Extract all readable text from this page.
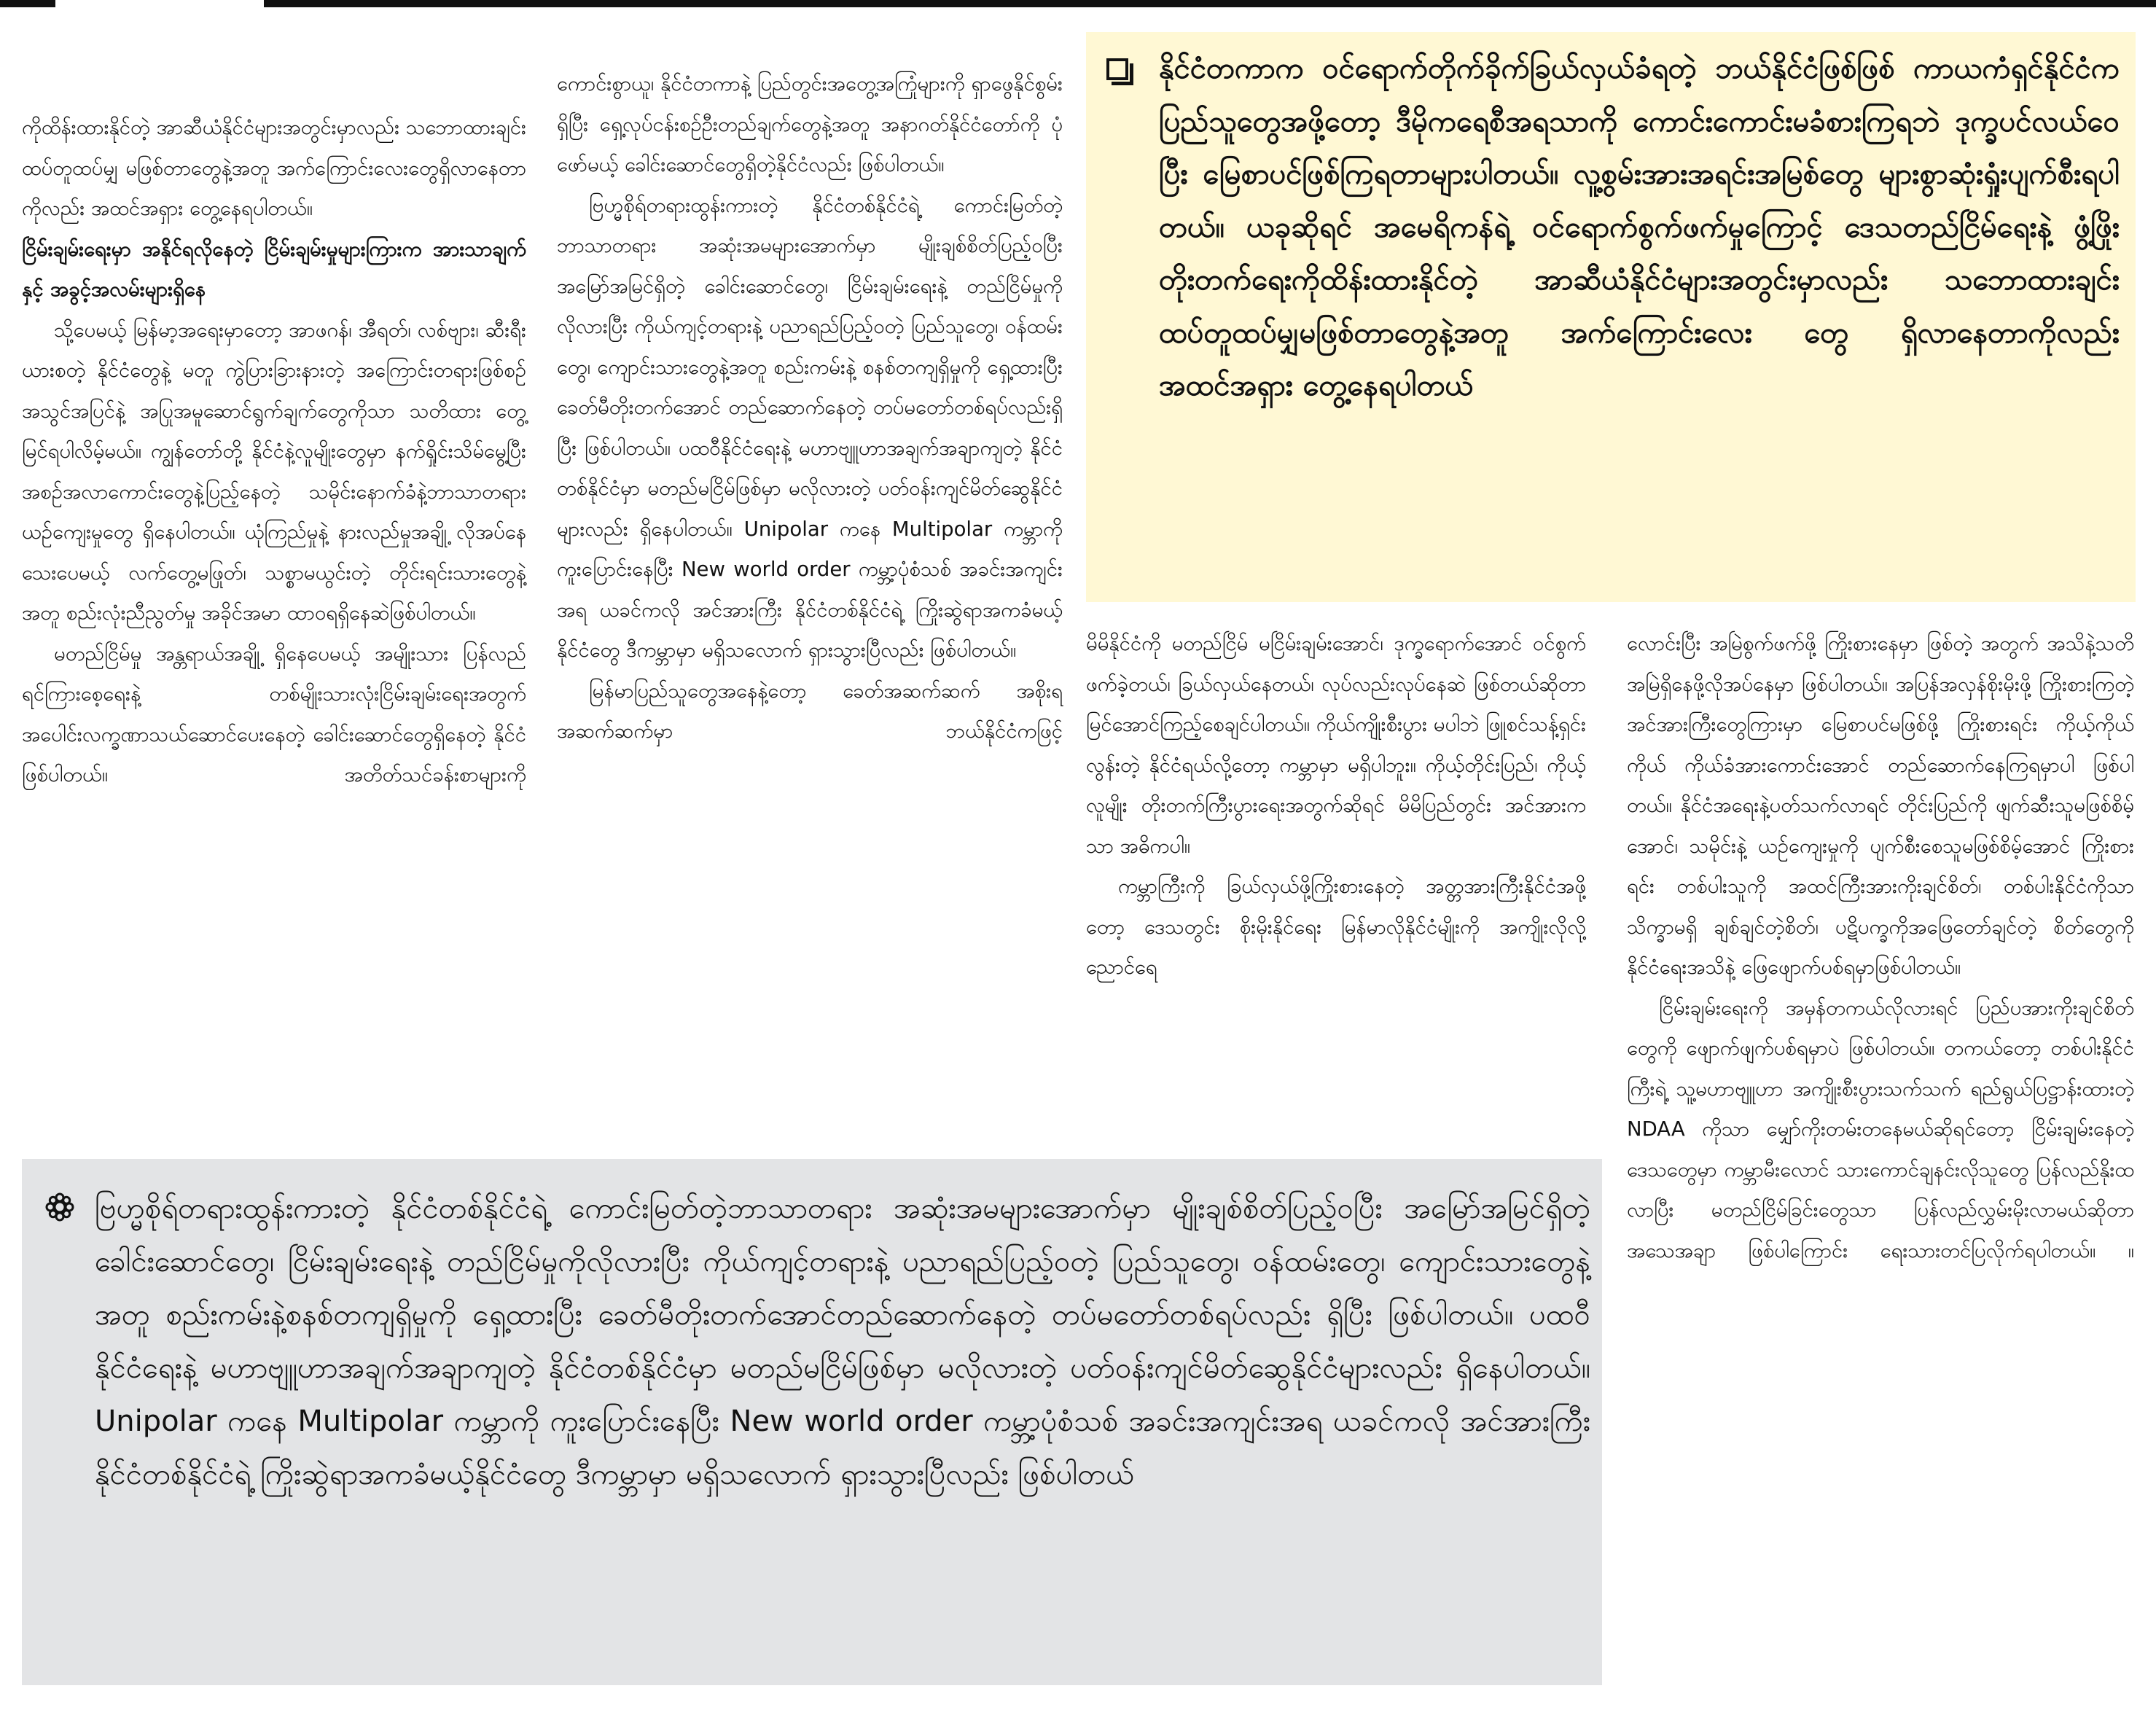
ကိုထိန်းထားနိုင်တဲ့ အာဆီယံနိုင်ငံများအတွင်းမှာလည်း သဘောထားချင်းထပ်တူထပ်မျှ မဖြစ်တာတွေနဲ့အတူ အက်ကြောင်းလေးတွေရှိလာနေတာကိုလည်း အထင်အရှား တွေ့နေရပါတယ်။

ငြိမ်းချမ်းရေးမှာ အနိုင်ရလိုနေတဲ့ ငြိမ်းချမ်းမှုများကြားက အားသာချက်နှင့် အခွင့်အလမ်းများရှိနေ

သို့ပေမယ့် မြန်မာ့အရေးမှာတော့ အာဖဂန်၊ အီရတ်၊ လစ်ဗျား၊ ဆီးရီးယားစတဲ့ နိုင်ငံတွေနဲ့ မတူ ကွဲပြားခြားနားတဲ့ အကြောင်းတရားဖြစ်စဉ် အသွင်အပြင်နဲ့ အပြုအမူဆောင်ရွက်ချက်တွေကိုသာ သတိထား တွေ့မြင်ရပါလိမ့်မယ်။ ကျွန်တော်တို့ နိုင်ငံနဲ့လူမျိုးတွေမှာ နက်ရှိုင်းသိမ်မွေ့ပြီး အစဉ်အလာကောင်းတွေနဲ့ပြည့်နေတဲ့ သမိုင်းနောက်ခံနဲ့ဘာသာတရားယဉ်ကျေးမှုတွေ ရှိနေပါတယ်။ ယုံကြည်မှုနဲ့ နားလည်မှုအချို့ လိုအပ်နေသေးပေမယ့် လက်တွေ့မဖြုတ်၊ သစ္စာမယွင်းတဲ့ တိုင်းရင်းသားတွေနဲ့အတူ စည်းလုံးညီညွတ်မှု အခိုင်အမာ ထာဝရရှိနေဆဲဖြစ်ပါတယ်။

မတည်ငြိမ်မှု အန္တရာယ်အချို့ ရှိနေပေမယ့် အမျိုးသား ပြန်လည်ရင်ကြားစေ့ရေးနဲ့ တစ်မျိုးသားလုံးငြိမ်းချမ်းရေးအတွက် အပေါင်းလက္ခဏာသယ်ဆောင်ပေးနေတဲ့ ခေါင်းဆောင်တွေရှိနေတဲ့ နိုင်ငံဖြစ်ပါတယ်။ အတိတ်သင်ခန်းစာများကို

ကောင်းစွာယူ၊ နိုင်ငံတကာနဲ့ ပြည်တွင်းအတွေ့အကြုံများကို ရှာဖွေနိုင်စွမ်းရှိပြီး ရှေ့လုပ်ငန်းစဉ်ဦးတည်ချက်တွေနဲ့အတူ အနာဂတ်နိုင်ငံတော်ကို ပုံဖော်မယ့် ခေါင်းဆောင်တွေရှိတဲ့နိုင်ငံလည်း ဖြစ်ပါတယ်။

ဗြဟ္မစိုရ်တရားထွန်းကားတဲ့ နိုင်ငံတစ်နိုင်ငံရဲ့ ကောင်းမြတ်တဲ့ဘာသာတရား အဆုံးအမများအောက်မှာ မျိုးချစ်စိတ်ပြည့်ဝပြီး အမြော်အမြင်ရှိတဲ့ ခေါင်းဆောင်တွေ၊ ငြိမ်းချမ်းရေးနဲ့ တည်ငြိမ်မှုကို လိုလားပြီး ကိုယ်ကျင့်တရားနဲ့ ပညာရည်ပြည့်ဝတဲ့ ပြည်သူတွေ၊ ဝန်ထမ်းတွေ၊ ကျောင်းသားတွေနဲ့အတူ စည်းကမ်းနဲ့ စနစ်တကျရှိမှုကို ရှေ့ထားပြီး ခေတ်မီတိုးတက်အောင် တည်ဆောက်နေတဲ့ တပ်မတော်တစ်ရပ်လည်းရှိပြီး ဖြစ်ပါတယ်။ ပထဝီနိုင်ငံရေးနဲ့ မဟာဗျူဟာအချက်အချာကျတဲ့ နိုင်ငံတစ်နိုင်ငံမှာ မတည်မငြိမ်ဖြစ်မှာ မလိုလားတဲ့ ပတ်ဝန်းကျင်မိတ်ဆွေနိုင်ငံများလည်း ရှိနေပါတယ်။ Unipolar ကနေ Multipolar ကမ္ဘာကို ကူးပြောင်းနေပြီး New world order ကမ္ဘာ့ပုံစံသစ် အခင်းအကျင်းအရ ယခင်ကလို အင်အားကြီး နိုင်ငံတစ်နိုင်ငံရဲ့ ကြိုးဆွဲရာအကခံမယ့် နိုင်ငံတွေ ဒီကမ္ဘာမှာ မရှိသလောက် ရှားသွားပြီလည်း ဖြစ်ပါတယ်။

မြန်မာပြည်သူတွေအနေနဲ့တော့ ခေတ်အဆက်ဆက် အစိုးရအဆက်ဆက်မှာ ဘယ်နိုင်ငံကဖြင့်

မိမိနိုင်ငံကို မတည်ငြိမ် မငြိမ်းချမ်းအောင်၊ ဒုက္ခရောက်အောင် ဝင်စွက်ဖက်ခဲ့တယ်၊ ခြယ်လှယ်နေတယ်၊ လုပ်လည်းလုပ်နေဆဲ ဖြစ်တယ်ဆိုတာ မြင်အောင်ကြည့်စေချင်ပါတယ်။ ကိုယ်ကျိုးစီးပွား မပါဘဲ ဖြူစင်သန့်ရှင်းလွန်းတဲ့ နိုင်ငံရယ်လို့တော့ ကမ္ဘာမှာ မရှိပါဘူး။ ကိုယ့်တိုင်းပြည်၊ ကိုယ့်လူမျိုး တိုးတက်ကြီးပွားရေးအတွက်ဆိုရင် မိမိပြည်တွင်း အင်အားကသာ အဓိကပါ။

ကမ္ဘာကြီးကို ခြယ်လှယ်ဖို့ကြိုးစားနေတဲ့ အတ္တအားကြီးနိုင်ငံအဖို့တော့ ဒေသတွင်း စိုးမိုးနိုင်ရေး မြန်မာလိုနိုင်ငံမျိုးကို အကျိုးလိုလို့ ညောင်ရေ

လောင်းပြီး အမြဲစွက်ဖက်ဖို့ ကြိုးစားနေမှာ ဖြစ်တဲ့ အတွက် အသိနဲ့သတိ အမြဲရှိနေဖို့လိုအပ်နေမှာ ဖြစ်ပါတယ်။ အပြန်အလှန်စိုးမိုးဖို့ ကြိုးစားကြတဲ့ အင်အားကြီးတွေကြားမှာ မြေစာပင်မဖြစ်ဖို့ ကြိုးစားရင်း ကိုယ့်ကိုယ်ကိုယ် ကိုယ်ခံအားကောင်းအောင် တည်ဆောက်နေကြရမှာပါ ဖြစ်ပါတယ်။ နိုင်ငံအရေးနဲ့ပတ်သက်လာရင် တိုင်းပြည်ကို ဖျက်ဆီးသူမဖြစ်စိမ့်အောင်၊ သမိုင်းနဲ့ ယဉ်ကျေးမှုကို ပျက်စီးစေသူမဖြစ်စိမ့်အောင် ကြိုးစားရင်း တစ်ပါးသူကို အထင်ကြီးအားကိုးချင်စိတ်၊ တစ်ပါးနိုင်ငံကိုသာ သိက္ခာမရှိ ချစ်ချင်တဲ့စိတ်၊ ပဋိပက္ခကိုအဖြေတော်ချင်တဲ့ စိတ်တွေကိုနိုင်ငံရေးအသိနဲ့ ဖြေဖျောက်ပစ်ရမှာဖြစ်ပါတယ်။

ငြိမ်းချမ်းရေးကို အမှန်တကယ်လိုလားရင် ပြည်ပအားကိုးချင်စိတ်တွေကို ဖျောက်ဖျက်ပစ်ရမှာပဲ ဖြစ်ပါတယ်။ တကယ်တော့ တစ်ပါးနိုင်ငံကြီးရဲ့ သူ့မဟာဗျူဟာ အကျိုးစီးပွားသက်သက် ရည်ရွယ်ပြဋ္ဌာန်းထားတဲ့ NDAA ကိုသာ မျှော်ကိုးတမ်းတနေမယ်ဆိုရင်တော့ ငြိမ်းချမ်းနေတဲ့ဒေသတွေမှာ ကမ္ဘာမီးလောင် သားကောင်ချနင်းလိုသူတွေ ပြန်လည်နိုးထလာပြီး မတည်ငြိမ်ခြင်းတွေသာ ပြန်လည်လွှမ်းမိုးလာမယ်ဆိုတာ အသေအချာ ဖြစ်ပါကြောင်း ရေးသားတင်ပြလိုက်ရပါတယ်။ ။

နိုင်ငံတကာက ဝင်ရောက်တိုက်ခိုက်ခြယ်လှယ်ခံရတဲ့ ဘယ်နိုင်ငံဖြစ်ဖြစ် ကာယကံရှင်နိုင်ငံက ပြည်သူတွေအဖို့တော့ ဒီမိုကရေစီအရသာကို ကောင်းကောင်းမခံစားကြရဘဲ ဒုက္ခပင်လယ်ဝေပြီး မြေစာပင်ဖြစ်ကြရတာများပါတယ်။ လူ့စွမ်းအားအရင်းအမြစ်တွေ များစွာဆုံးရှုံးပျက်စီးရပါတယ်။ ယခုဆိုရင် အမေရိကန်ရဲ့ ဝင်ရောက်စွက်ဖက်မှုကြောင့် ဒေသတည်ငြိမ်ရေးနဲ့ ဖွံ့ဖြိုးတိုးတက်ရေးကိုထိန်းထားနိုင်တဲ့ အာဆီယံနိုင်ငံများအတွင်းမှာလည်း သဘောထားချင်း ထပ်တူထပ်မျှမဖြစ်တာတွေနဲ့အတူ အက်ကြောင်းလေး တွေ ရှိလာနေတာကိုလည်း အထင်အရှား တွေ့နေရပါတယ်
ဗြဟ္မစိုရ်တရားထွန်းကားတဲ့ နိုင်ငံတစ်နိုင်ငံရဲ့ ကောင်းမြတ်တဲ့ဘာသာတရား အဆုံးအမများအောက်မှာ မျိုးချစ်စိတ်ပြည့်ဝပြီး အမြော်အမြင်ရှိတဲ့ခေါင်းဆောင်တွေ၊ ငြိမ်းချမ်းရေးနဲ့ တည်ငြိမ်မှုကိုလိုလားပြီး ကိုယ်ကျင့်တရားနဲ့ ပညာရည်ပြည့်ဝတဲ့ ပြည်သူတွေ၊ ဝန်ထမ်းတွေ၊ ကျောင်းသားတွေနဲ့အတူ စည်းကမ်းနဲ့စနစ်တကျရှိမှုကို ရှေ့ထားပြီး ခေတ်မီတိုးတက်အောင်တည်ဆောက်နေတဲ့ တပ်မတော်တစ်ရပ်လည်း ရှိပြီး ဖြစ်ပါတယ်။ ပထဝီနိုင်ငံရေးနဲ့ မဟာဗျူဟာအချက်အချာကျတဲ့ နိုင်ငံတစ်နိုင်ငံမှာ မတည်မငြိမ်ဖြစ်မှာ မလိုလားတဲ့ ပတ်ဝန်းကျင်မိတ်ဆွေနိုင်ငံများလည်း ရှိနေပါတယ်။ Unipolar ကနေ Multipolar ကမ္ဘာကို ကူးပြောင်းနေပြီး New world order ကမ္ဘာ့ပုံစံသစ် အခင်းအကျင်းအရ ယခင်ကလို အင်အားကြီးနိုင်ငံတစ်နိုင်ငံရဲ့ ကြိုးဆွဲရာအကခံမယ့်နိုင်ငံတွေ ဒီကမ္ဘာမှာ မရှိသလောက် ရှားသွားပြီလည်း ဖြစ်ပါတယ်
